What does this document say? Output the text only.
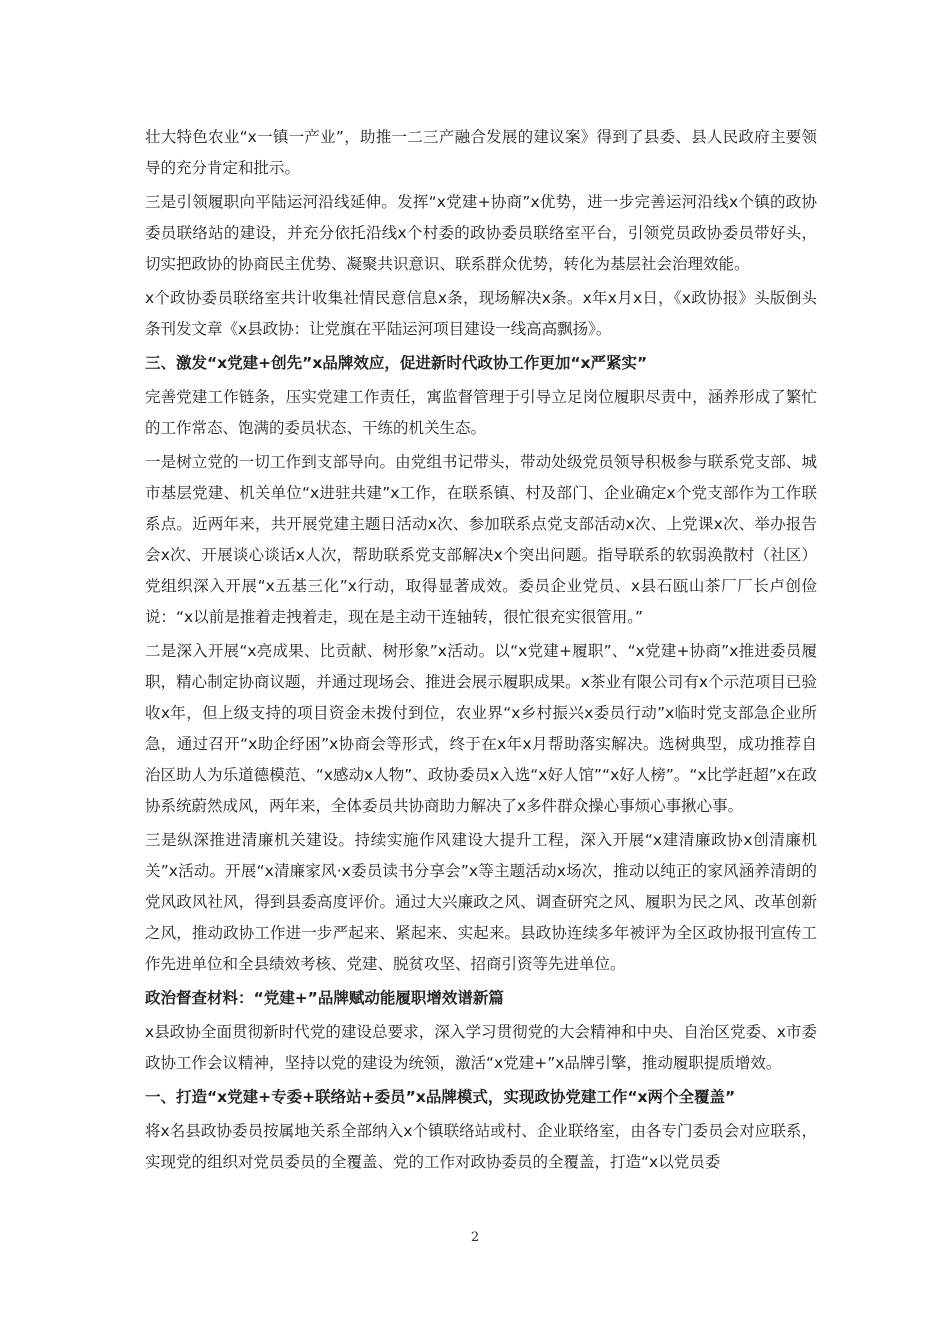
壮大特色农业“x一镇一产业”，助推一二三产融合发展的建议案》得到了县委、县人民政府主要领导的充分肯定和批示。

三是引领履职向平陆运河沿线延伸。发挥“x党建+协商”x优势，进一步完善运河沿线x个镇的政协委员联络站的建设，并充分依托沿线x个村委的政协委员联络室平台，引领党员政协委员带好头，切实把政协的协商民主优势、凝聚共识意识、联系群众优势，转化为基层社会治理效能。

x个政协委员联络室共计收集社情民意信息x条，现场解决x条。x年x月x日，《x政协报》头版倒头条刊发文章《x县政协：让党旗在平陆运河项目建设一线高高飘扬》。

三、激发“x党建+创先”x品牌效应，促进新时代政协工作更加“x严紧实”

完善党建工作链条，压实党建工作责任，寓监督管理于引导立足岗位履职尽责中，涵养形成了繁忙的工作常态、饱满的委员状态、干练的机关生态。

一是树立党的一切工作到支部导向。由党组书记带头，带动处级党员领导积极参与联系党支部、城市基层党建、机关单位“x进驻共建”x工作，在联系镇、村及部门、企业确定x个党支部作为工作联系点。近两年来，共开展党建主题日活动x次、参加联系点党支部活动x次、上党课x次、举办报告会x次、开展谈心谈话x人次，帮助联系党支部解决x个突出问题。指导联系的软弱涣散村（社区）党组织深入开展“x五基三化”x行动，取得显著成效。委员企业党员、x县石瓯山茶厂厂长卢创俭说：“x以前是推着走拽着走，现在是主动干连轴转，很忙很充实很管用。”

二是深入开展“x亮成果、比贡献、树形象”x活动。以“x党建+履职”、“x党建+协商”x推进委员履职，精心制定协商议题，并通过现场会、推进会展示履职成果。x茶业有限公司有x个示范项目已验收x年，但上级支持的项目资金未拨付到位，农业界“x乡村振兴x委员行动”x临时党支部急企业所急，通过召开“x助企纾困”x协商会等形式，终于在x年x月帮助落实解决。选树典型，成功推荐自治区助人为乐道德模范、“x感动x人物”、政协委员x入选“x好人馆”“x好人榜”。“x比学赶超”x在政协系统蔚然成风，两年来，全体委员共协商助力解决了x多件群众操心事烦心事揪心事。

三是纵深推进清廉机关建设。持续实施作风建设大提升工程，深入开展“x建清廉政协x创清廉机关”x活动。开展“x清廉家风·x委员读书分享会”x等主题活动x场次，推动以纯正的家风涵养清朗的党风政风社风，得到县委高度评价。通过大兴廉政之风、调查研究之风、履职为民之风、改革创新之风，推动政协工作进一步严起来、紧起来、实起来。县政协连续多年被评为全区政协报刊宣传工作先进单位和全县绩效考核、党建、脱贫攻坚、招商引资等先进单位。

政治督查材料：“党建+”品牌赋动能履职增效谱新篇

x县政协全面贯彻新时代党的建设总要求，深入学习贯彻党的大会精神和中央、自治区党委、x市委政协工作会议精神，坚持以党的建设为统领，激活“x党建+”x品牌引擎，推动履职提质增效。

一、打造“x党建+专委+联络站+委员”x品牌模式，实现政协党建工作“x两个全覆盖”

将x名县政协委员按属地关系全部纳入x个镇联络站或村、企业联络室，由各专门委员会对应联系，实现党的组织对党员委员的全覆盖、党的工作对政协委员的全覆盖，打造“x以党员委

2
